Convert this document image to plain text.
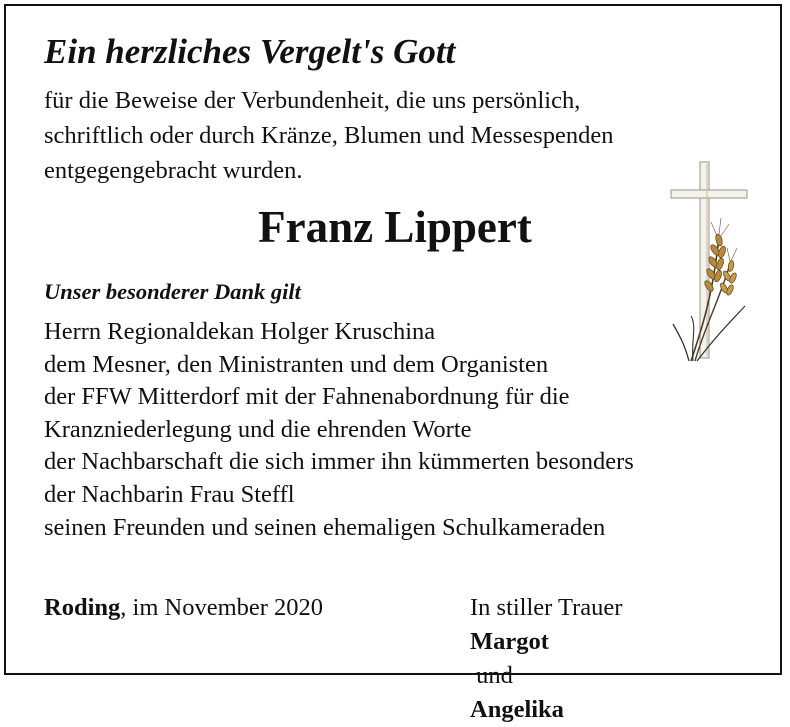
Ein herzliches Vergelt's Gott
für die Beweise der Verbundenheit, die uns persönlich,
schriftlich oder durch Kränze, Blumen und Messespenden
entgegengebracht wurden.
Franz Lippert
Unser besonderer Dank gilt
Herrn Regionaldekan Holger Kruschina
dem Mesner, den Ministranten und dem Organisten
der FFW Mitterdorf mit der Fahnenabordnung für die
Kranzniederlegung und die ehrenden Worte
der Nachbarschaft die sich immer ihn kümmerten besonders
der Nachbarin Frau Steffl
seinen Freunden und seinen ehemaligen Schulkameraden
Roding, im November 2020	In stiller Trauer
Margot
und
Angelika
